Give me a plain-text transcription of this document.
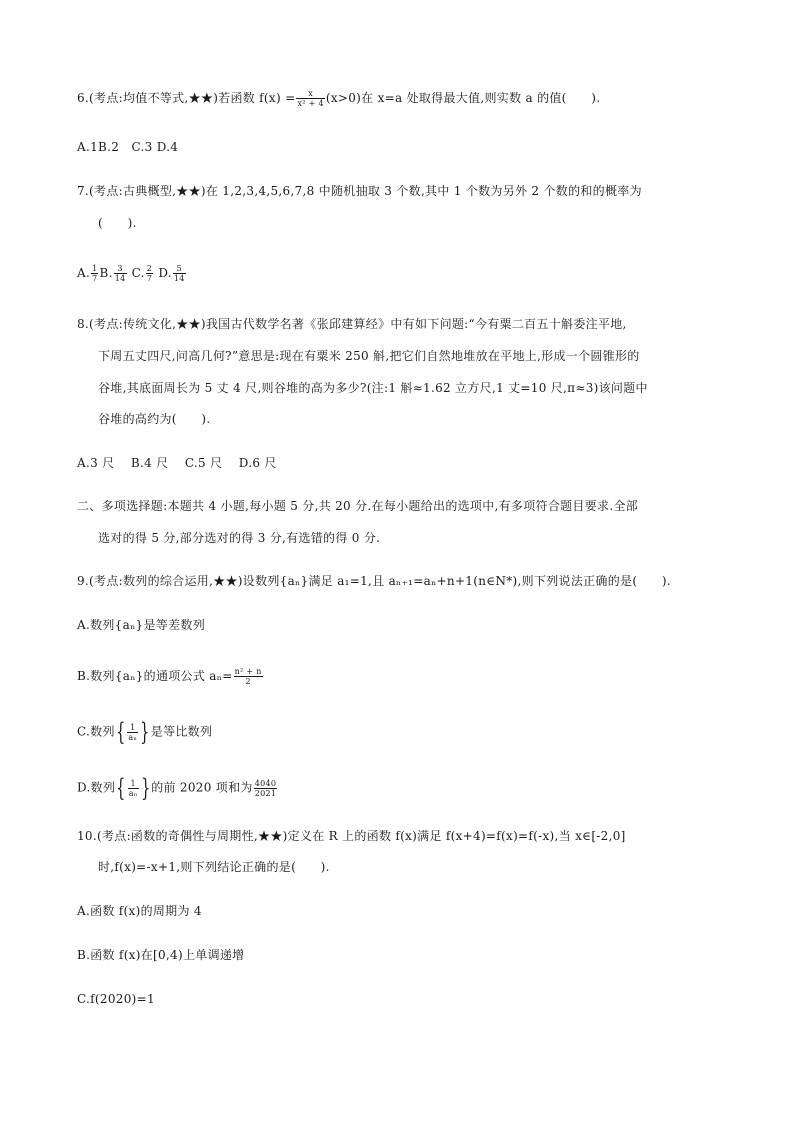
6.(考点:均值不等式,★★)若函数 $f(x) = \frac{x}{\text{x² + 4}} (x>0)$在 x=a 处取得最大值,则实数 a 的值(　　).
A.1B.2　C.3 D.4
7.(考点:古典概型,★★)在 1,2,3,4,5,6,7,8 中随机抽取 3 个数,其中 1 个数为另外 2 个数的和的概率为
(　　).
A. $\frac{1}{7} B$. $\frac{3}{14} C$. $\frac{2}{7} D$. $\frac{5}{14}$
8.(考点:传统文化,★★)我国古代数学名著《张邱建算经》中有如下问题:“今有粟二百五十斛委注平地,
下周五丈四尺,问高几何?”意思是:现在有粟米 250 斛,把它们自然地堆放在平地上,形成一个圆锥形的
谷堆,其底面周长为 5 丈 4 尺,则谷堆的高为多少?(注:1 斛≈1.62 立方尺,1 丈=10 尺,π≈3)该问题中
谷堆的高约为(　　).
A.3 尺　 B.4 尺　 C.5 尺　 D.6 尺
二、多项选择题:本题共 4 小题,每小题 5 分,共 20 分.在每小题给出的选项中,有多项符合题目要求.全部
选对的得 5 分,部分选对的得 3 分,有选错的得 0 分.
9.(考点:数列的综合运用,★★)设数列{aₙ}满足 a₁=1,且 aₙ₊₁=aₙ+n+1(n∈N*),则下列说法正确的是(　　).
A.数列{aₙ}是等差数列
B.数列{aₙ}的通项公式 $a_n= \frac{\text{n² + n}}{2}$
C.数列 { $\frac{1}{\text{aₙ}}$ } 是等比数列
D.数列 { $\frac{1}{\text{aₙ}}$ } 的前 2020 项和为 $\frac{4040}{2021}$
10.(考点:函数的奇偶性与周期性,★★)定义在 R 上的函数 f(x)满足 f(x+4)=f(x)=f(-x),当 x∈[-2,0]
时,f(x)=-x+1,则下列结论正确的是(　　).
A.函数 f(x)的周期为 4
B.函数 f(x)在[0,4)上单调递增
C.f(2020)=1
